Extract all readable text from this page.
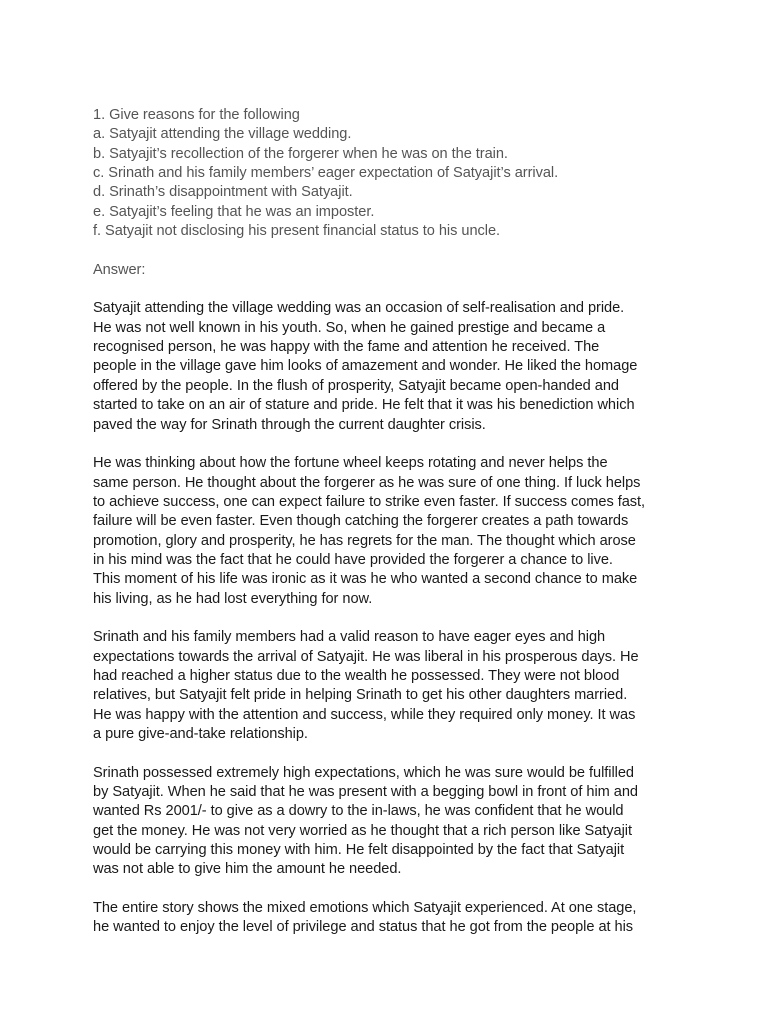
1. Give reasons for the following
a. Satyajit attending the village wedding.
b. Satyajit’s recollection of the forgerer when he was on the train.
c. Srinath and his family members’ eager expectation of Satyajit’s arrival.
d. Srinath’s disappointment with Satyajit.
e. Satyajit’s feeling that he was an imposter.
f. Satyajit not disclosing his present financial status to his uncle.
Answer:
Satyajit attending the village wedding was an occasion of self-realisation and pride.
He was not well known in his youth. So, when he gained prestige and became a
recognised person, he was happy with the fame and attention he received. The
people in the village gave him looks of amazement and wonder. He liked the homage
offered by the people. In the flush of prosperity, Satyajit became open-handed and
started to take on an air of stature and pride. He felt that it was his benediction which
paved the way for Srinath through the current daughter crisis.
He was thinking about how the fortune wheel keeps rotating and never helps the
same person. He thought about the forgerer as he was sure of one thing. If luck helps
to achieve success, one can expect failure to strike even faster. If success comes fast,
failure will be even faster. Even though catching the forgerer creates a path towards
promotion, glory and prosperity, he has regrets for the man. The thought which arose
in his mind was the fact that he could have provided the forgerer a chance to live.
This moment of his life was ironic as it was he who wanted a second chance to make
his living, as he had lost everything for now.
Srinath and his family members had a valid reason to have eager eyes and high
expectations towards the arrival of Satyajit. He was liberal in his prosperous days. He
had reached a higher status due to the wealth he possessed. They were not blood
relatives, but Satyajit felt pride in helping Srinath to get his other daughters married.
He was happy with the attention and success, while they required only money. It was
a pure give-and-take relationship.
Srinath possessed extremely high expectations, which he was sure would be fulfilled
by Satyajit. When he said that he was present with a begging bowl in front of him and
wanted Rs 2001/- to give as a dowry to the in-laws, he was confident that he would
get the money. He was not very worried as he thought that a rich person like Satyajit
would be carrying this money with him. He felt disappointed by the fact that Satyajit
was not able to give him the amount he needed.
The entire story shows the mixed emotions which Satyajit experienced. At one stage,
he wanted to enjoy the level of privilege and status that he got from the people at his
